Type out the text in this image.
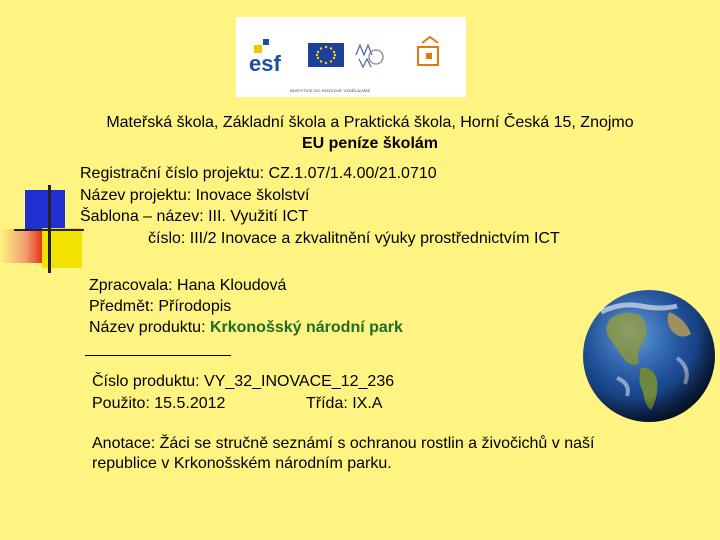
esf
INVESTICE DO ROZVOJE VZDĚLÁVÁNÍ
Mateřská škola, Základní škola a Praktická škola, Horní Česká 15, Znojmo
EU peníze školám
Registrační číslo projektu: CZ.1.07/1.4.00/21.0710
Název projektu: Inovace školství
Šablona – název: III. Využití ICT
číslo: III/2 Inovace a zkvalitnění výuky prostřednictvím ICT
Zpracovala: Hana Kloudová
Předmět: Přírodopis
Název produktu: Krkonošský národní park
Číslo produktu: VY_32_INOVACE_12_236
Použito: 15.5.2012	Třída: IX.A
Anotace: Žáci se stručně seznámí s ochranou rostlin a živočichů v naší republice v Krkonošském národním parku.
